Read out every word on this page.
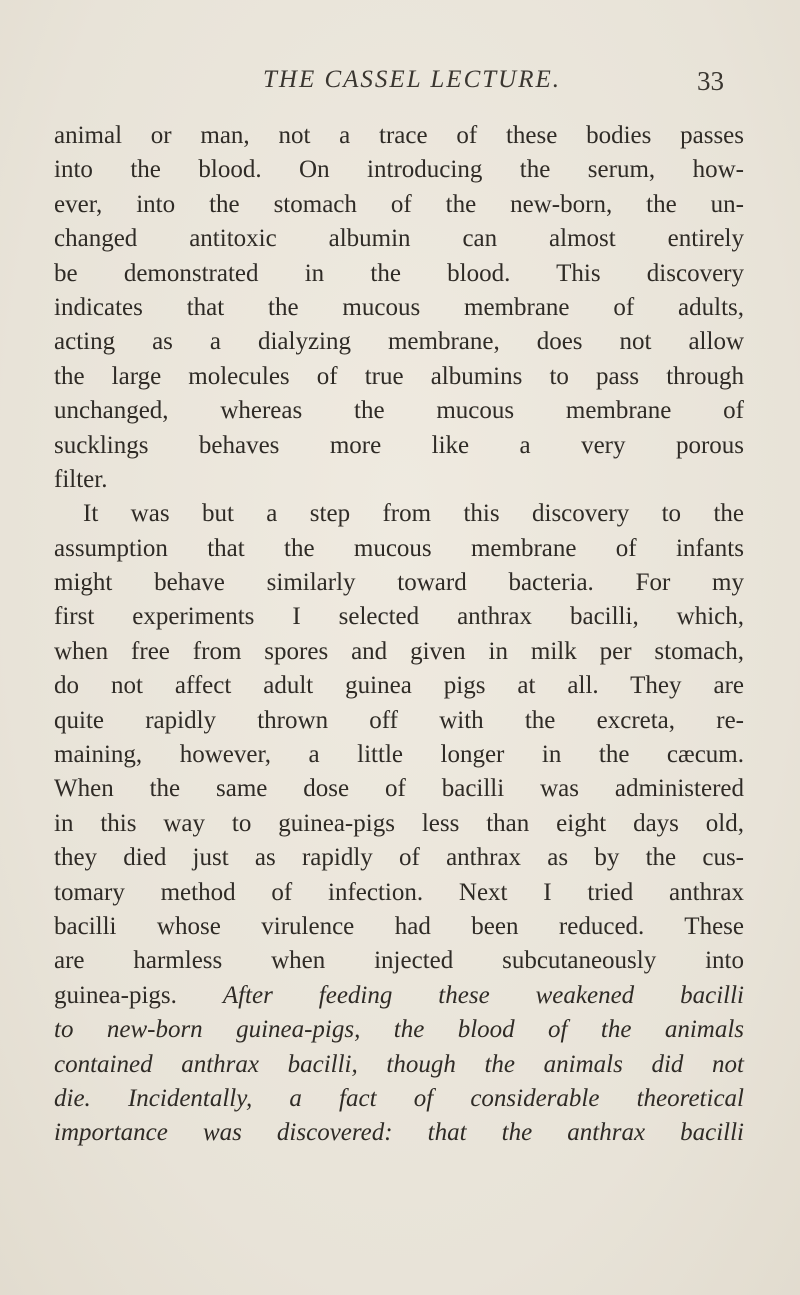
THE CASSEL LECTURE.	33
animal or man, not a trace of these bodies passes
into the blood. On introducing the serum, how-
ever, into the stomach of the new-born, the un-
changed antitoxic albumin can almost entirely
be demonstrated in the blood. This discovery
indicates that the mucous membrane of adults,
acting as a dialyzing membrane, does not allow
the large molecules of true albumins to pass through
unchanged, whereas the mucous membrane of
sucklings behaves more like a very porous
filter.
It was but a step from this discovery to the
assumption that the mucous membrane of infants
might behave similarly toward bacteria. For my
first experiments I selected anthrax bacilli, which,
when free from spores and given in milk per stomach,
do not affect adult guinea pigs at all. They are
quite rapidly thrown off with the excreta, re-
maining, however, a little longer in the cæcum.
When the same dose of bacilli was administered
in this way to guinea-pigs less than eight days old,
they died just as rapidly of anthrax as by the cus-
tomary method of infection. Next I tried anthrax
bacilli whose virulence had been reduced. These
are harmless when injected subcutaneously into
guinea-pigs. After feeding these weakened bacilli
to new-born guinea-pigs, the blood of the animals
contained anthrax bacilli, though the animals did not
die. Incidentally, a fact of considerable theoretical
importance was discovered: that the anthrax bacilli
